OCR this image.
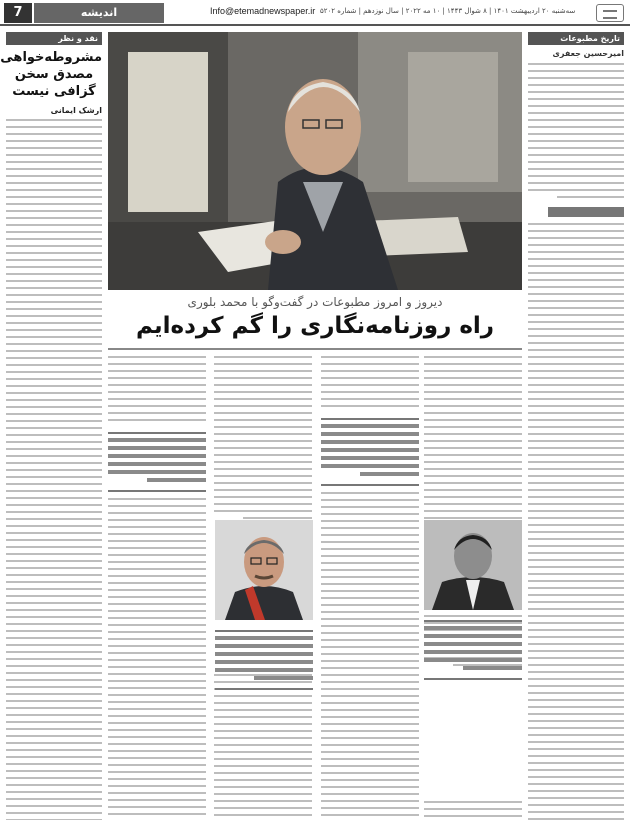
7	اندیشه	Info@etemadnewspaper.ir سه‌شنبه ۲۰ اردیبهشت ۱۴۰۱ | ۸ شوال ۱۴۴۳ | ۱۰ مه ۲۰۲۲ | سال نوزدهم | شماره ۵۲۰۲
تاریخ مطبوعات
امیرحسین جعفری
نقد و نظر
مشروطه‌خواهی مصدق سخن گزافی نیست
ارشک ایمانی
دیروز و امروز مطبوعات در گفت‌وگو با محمد بلوری
راه روزنامه‌نگاری را گم کرده‌ایم
